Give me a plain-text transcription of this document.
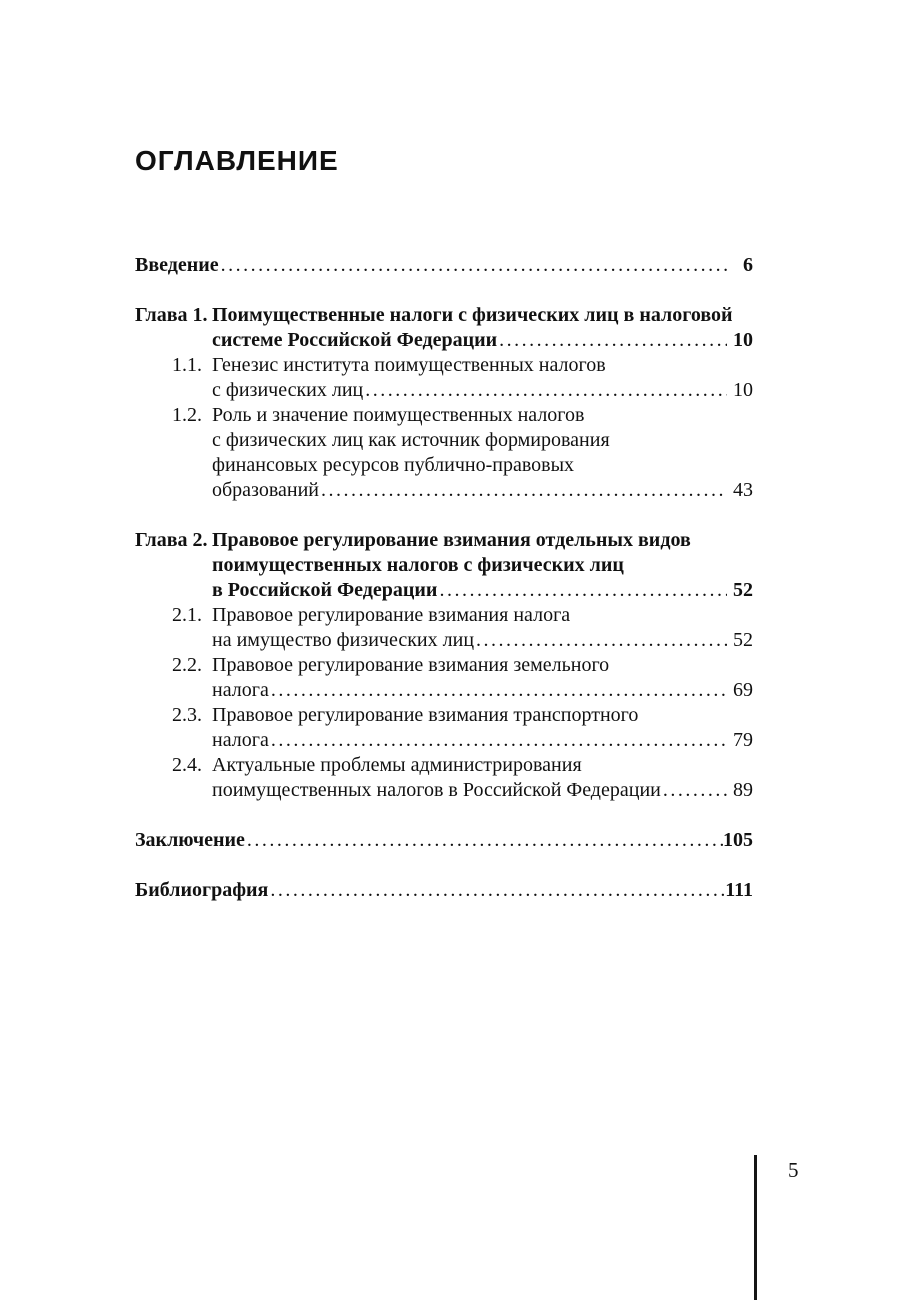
ОГЛАВЛЕНИЕ
Введение .....	6
Глава 1. Поимущественные налоги с физических лиц в налоговой
системе Российской Федерации .....	10
1.1. Генезис института поимущественных налогов
с физических лиц .....	10
1.2. Роль и значение поимущественных налогов
с физических лиц как источник формирования
финансовых ресурсов публично-правовых
образований .....	43
Глава 2. Правовое регулирование взимания отдельных видов
поимущественных налогов с физических лиц
в Российской Федерации .....	52
2.1. Правовое регулирование взимания налога
на имущество физических лиц .....	52
2.2. Правовое регулирование взимания земельного
налога .....	69
2.3. Правовое регулирование взимания транспортного
налога .....	79
2.4. Актуальные проблемы администрирования
поимущественных налогов в Российской Федерации .....	89
Заключение .....	105
Библиография .....	111
5
